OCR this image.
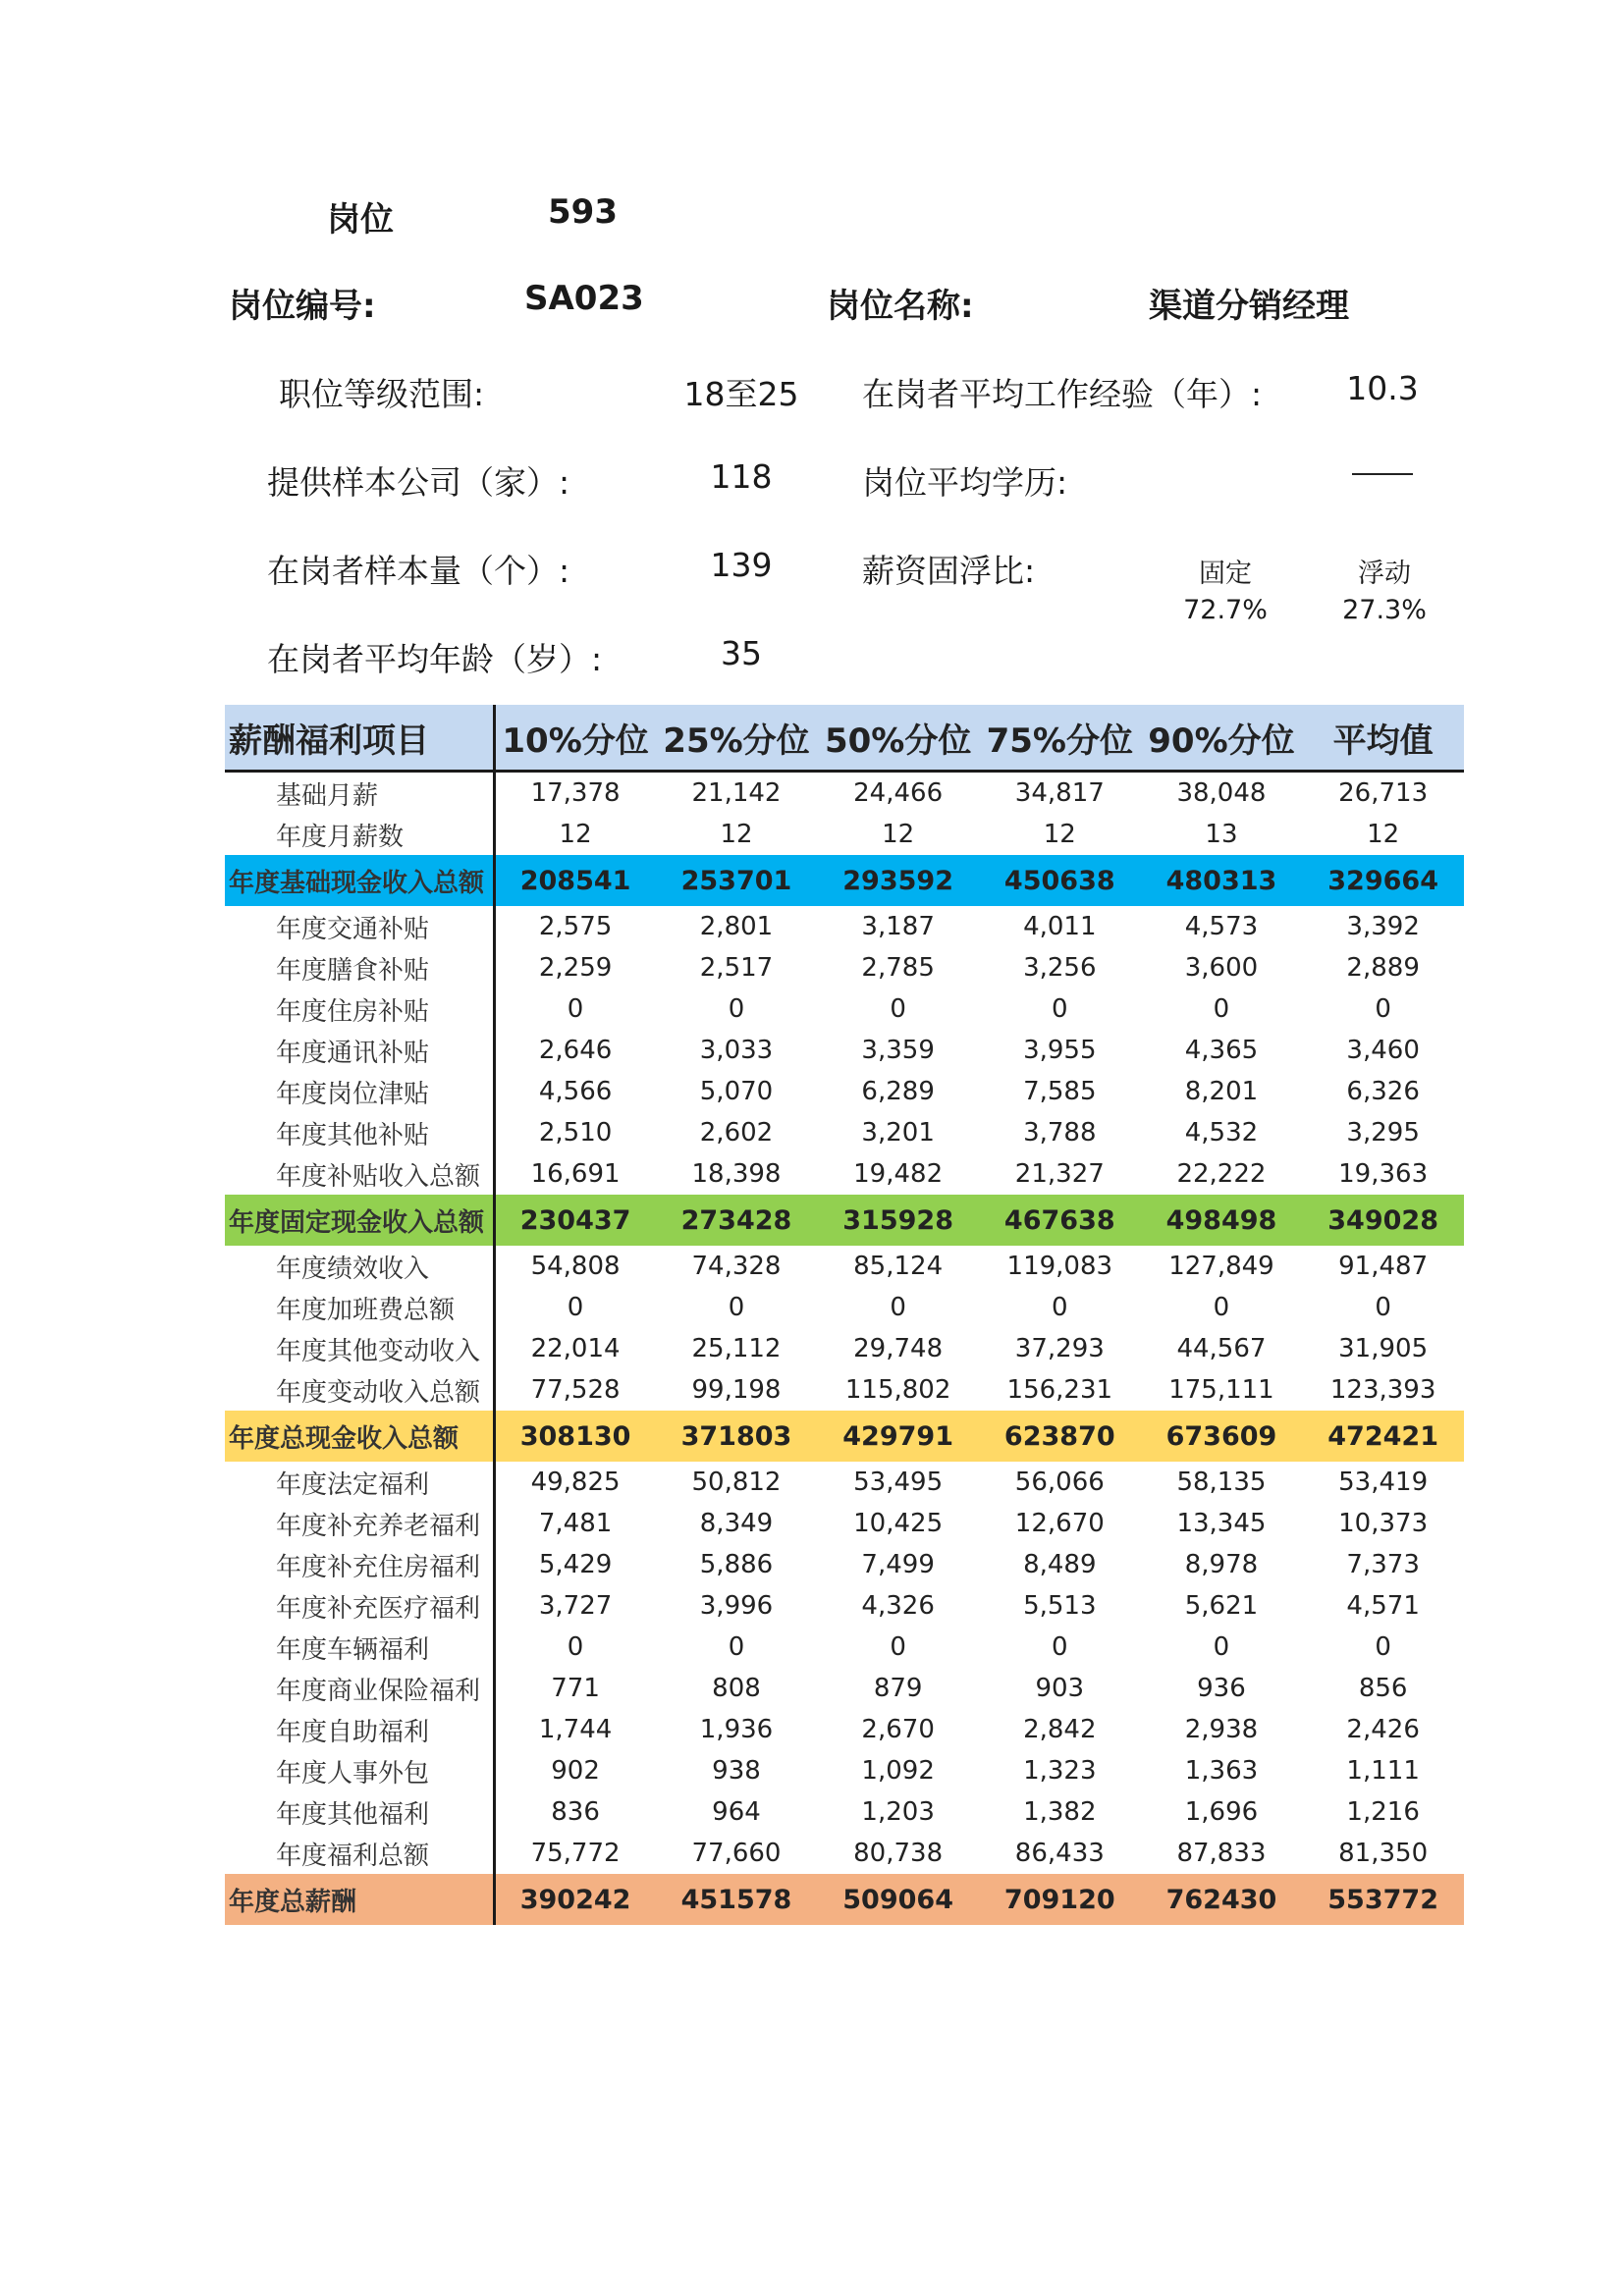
岗位	593
岗位编号:	SA023	岗位名称:	渠道分销经理
职位等级范围:	18至25 在岗者平均工作经验（年）:	10.3
提供样本公司（家）:	118	岗位平均学历:
在岗者样本量（个）:	139	薪资固浮比:	固定
72.7%
浮动
27.3%
在岗者平均年龄（岁）:	35
薪酬福利项目	10%分位	25%分位	50%分位	75%分位	90%分位	平均值
基础月薪	17,378	21,142	24,466	34,817	38,048	26,713
年度月薪数	12	12	12	12	13	12
年度基础现金收入总额	208541	253701	293592	450638	480313	329664
年度交通补贴	2,575	2,801	3,187	4,011	4,573	3,392
年度膳食补贴	2,259	2,517	2,785	3,256	3,600	2,889
年度住房补贴	0	0	0	0	0	0
年度通讯补贴	2,646	3,033	3,359	3,955	4,365	3,460
年度岗位津贴	4,566	5,070	6,289	7,585	8,201	6,326
年度其他补贴	2,510	2,602	3,201	3,788	4,532	3,295
年度补贴收入总额	16,691	18,398	19,482	21,327	22,222	19,363
年度固定现金收入总额	230437	273428	315928	467638	498498	349028
年度绩效收入	54,808	74,328	85,124	119,083	127,849	91,487
年度加班费总额	0	0	0	0	0	0
年度其他变动收入	22,014	25,112	29,748	37,293	44,567	31,905
年度变动收入总额	77,528	99,198	115,802	156,231	175,111	123,393
年度总现金收入总额	308130	371803	429791	623870	673609	472421
年度法定福利	49,825	50,812	53,495	56,066	58,135	53,419
年度补充养老福利	7,481	8,349	10,425	12,670	13,345	10,373
年度补充住房福利	5,429	5,886	7,499	8,489	8,978	7,373
年度补充医疗福利	3,727	3,996	4,326	5,513	5,621	4,571
年度车辆福利	0	0	0	0	0	0
年度商业保险福利	771	808	879	903	936	856
年度自助福利	1,744	1,936	2,670	2,842	2,938	2,426
年度人事外包	902	938	1,092	1,323	1,363	1,111
年度其他福利	836	964	1,203	1,382	1,696	1,216
年度福利总额	75,772	77,660	80,738	86,433	87,833	81,350
年度总薪酬	390242	451578	509064	709120	762430	553772
